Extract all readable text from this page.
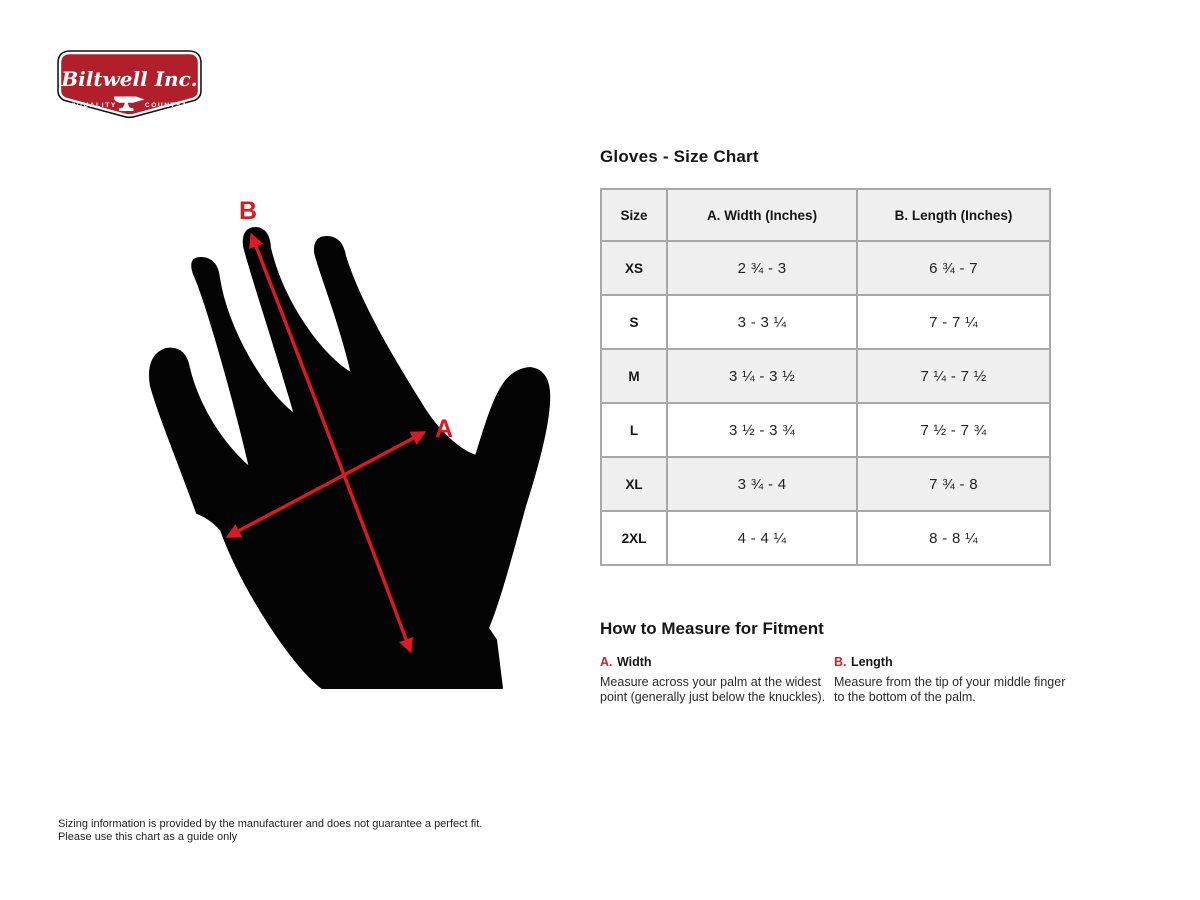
Biltwell Inc.
"QUALITY	COUNTS"
B
A
Gloves - Size Chart
Size	A. Width (Inches)	B. Length (Inches)
XS	2 ¾ - 3	6 ¾ - 7
S	3 - 3 ¼	7 - 7 ¼
M	3 ¼ - 3 ½	7 ¼ - 7 ½
L	3 ½ - 3 ¾	7 ½ - 7 ¾
XL	3 ¾ - 4	7 ¾ - 8
2XL	4 - 4 ¼	8 - 8 ¼
How to Measure for Fitment
A. Width
Measure across your palm at the widest point (generally just below the knuckles).
B. Length
Measure from the tip of your middle finger to the bottom of the palm.
Sizing information is provided by the manufacturer and does not guarantee a perfect fit.
Please use this chart as a guide only
